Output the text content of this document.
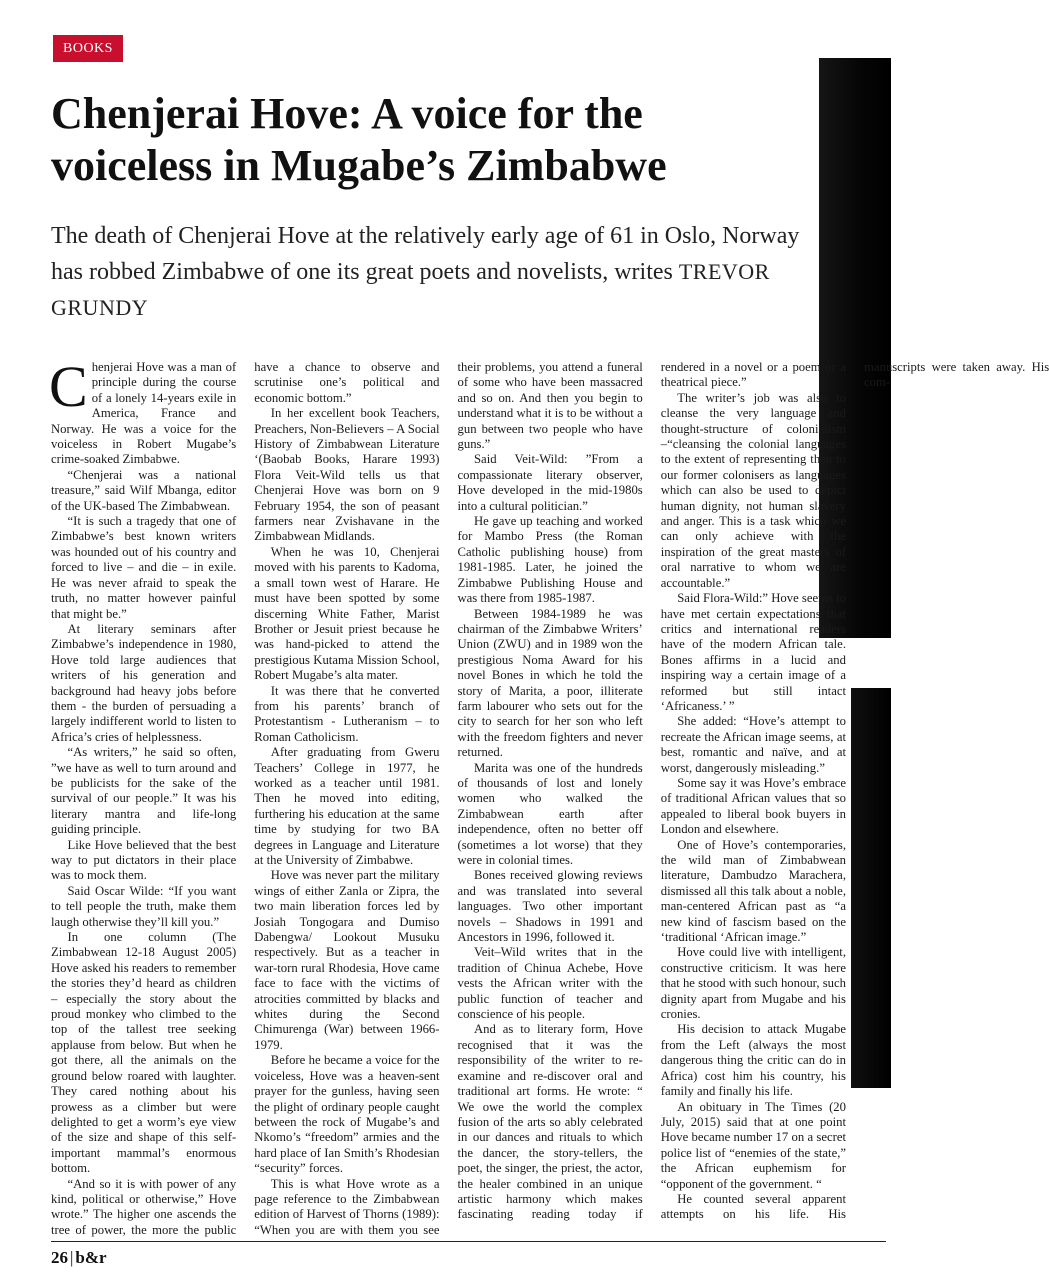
BOOKS
Chenjerai Hove: A voice for the voiceless in Mugabe’s Zimbabwe

The death of Chenjerai Hove at the relatively early age of 61 in Oslo, Norway has robbed Zimbabwe of one its great poets and novelists, writes TREVOR GRUNDY

Chenjerai Hove was a man of principle during the course of a lonely 14-years exile in America, France and Norway. He was a voice for the voiceless in Robert Mugabe’s crime-soaked Zimbabwe.

“Chenjerai was a national treasure,” said Wilf Mbanga, editor of the UK-based The Zimbabwean.

“It is such a tragedy that one of Zimbabwe’s best known writers was hounded out of his country and forced to live – and die – in exile. He was never afraid to speak the truth, no matter however painful that might be.”

At literary seminars after Zimbabwe’s independence in 1980, Hove told large audiences that writers of his generation and background had heavy jobs before them - the burden of persuading a largely indifferent world to listen to Africa’s cries of helplessness.

“As writers,” he said so often, ”we have as well to turn around and be publicists for the sake of the survival of our people.” It was his literary mantra and life-long guiding principle.

Like Hove believed that the best way to put dictators in their place was to mock them.

Said Oscar Wilde: “If you want to tell people the truth, make them laugh otherwise they’ll kill you.”

In one column (The Zimbabwean 12-18 August 2005) Hove asked his readers to remember the stories they’d heard as children – especially the story about the proud monkey who climbed to the top of the tallest tree seeking applause from below. But when he got there, all the animals on the ground below roared with laughter. They cared nothing about his prowess as a climber but were delighted to get a worm’s eye view of the size and shape of this self-important mammal’s enormous bottom.

“And so it is with power of any kind, political or otherwise,” Hove wrote.” The higher one ascends the tree of power, the more the public have a chance to observe and scrutinise one’s political and economic bottom.”

In her excellent book Teachers, Preachers, Non-Believers – A Social History of Zimbabwean Literature ‘(Baobab Books, Harare 1993) Flora Veit-Wild tells us that Chenjerai Hove was born on 9 February 1954, the son of peasant farmers near Zvishavane in the Zimbabwean Midlands.

When he was 10, Chenjerai moved with his parents to Kadoma, a small town west of Harare. He must have been spotted by some discerning White Father, Marist Brother or Jesuit priest because he was hand-picked to attend the prestigious Kutama Mission School, Robert Mugabe’s alta mater.

It was there that he converted from his parents’ branch of Protestantism - Lutheranism – to Roman Catholicism.

After graduating from Gweru Teachers’ College in 1977, he worked as a teacher until 1981. Then he moved into editing, furthering his education at the same time by studying for two BA degrees in Language and Literature at the University of Zimbabwe.

Hove was never part the military wings of either Zanla or Zipra, the two main liberation forces led by Josiah Tongogara and Dumiso Dabengwa/ Lookout Musuku respectively. But as a teacher in war-torn rural Rhodesia, Hove came face to face with the victims of atrocities committed by blacks and whites during the Second Chimurenga (War) between 1966-1979.

Before he became a voice for the voiceless, Hove was a heaven-sent prayer for the gunless, having seen the plight of ordinary people caught between the rock of Mugabe’s and Nkomo’s “freedom” armies and the hard place of Ian Smith’s Rhodesian “security” forces.

This is what Hove wrote as a page reference to the Zimbabwean edition of Harvest of Thorns (1989): “When you are with them you see their problems, you attend a funeral of some who have been massacred and so on. And then you begin to understand what it is to be without a gun between two people who have guns.”

Said Veit-Wild: ”From a compassionate literary observer, Hove developed in the mid-1980s into a cultural politician.”

He gave up teaching and worked for Mambo Press (the Roman Catholic publishing house) from 1981-1985. Later, he joined the Zimbabwe Publishing House and was there from 1985-1987.

Between 1984-1989 he was chairman of the Zimbabwe Writers’ Union (ZWU) and in 1989 won the prestigious Noma Award for his novel Bones in which he told the story of Marita, a poor, illiterate farm labourer who sets out for the city to search for her son who left with the freedom fighters and never returned.

Marita was one of the hundreds of thousands of lost and lonely women who walked the Zimbabwean earth after independence, often no better off (sometimes a lot worse) that they were in colonial times.

Bones received glowing reviews and was translated into several languages. Two other important novels – Shadows in 1991 and Ancestors in 1996, followed it.

Veit–Wild writes that in the tradition of Chinua Achebe, Hove vests the African writer with the public function of teacher and conscience of his people.

And as to literary form, Hove recognised that it was the responsibility of the writer to re-examine and re-discover oral and traditional art forms. He wrote: “ We owe the world the complex fusion of the arts so ably celebrated in our dances and rituals to which the dancer, the story-tellers, the poet, the singer, the priest, the actor, the healer combined in an unique artistic harmony which makes fascinating reading today if rendered in a novel or a poem or a theatrical piece.”

The writer’s job was also to cleanse the very language and thought-structure of colonialism –“cleansing the colonial languages to the extent of representing then to our former colonisers as languages which can also be used to depict human dignity, not human slavery and anger. This is a task which we can only achieve with the inspiration of the great masters of oral narrative to whom we are accountable.”

Said Flora-Wild:” Hove seems to have met certain expectations that critics and international readers have of the modern African tale. Bones affirms in a lucid and inspiring way a certain image of a reformed but still intact ‘Africaness.’ ”

She added: “Hove’s attempt to recreate the African image seems, at best, romantic and naïve, and at worst, dangerously misleading.”

Some say it was Hove’s embrace of traditional African values that so appealed to liberal book buyers in London and elsewhere.

One of Hove’s contemporaries, the wild man of Zimbabwean literature, Dambudzo Marachera, dismissed all this talk about a noble, man-centered African past as “a new kind of fascism based on the ‘traditional ‘African image.”

Hove could live with intelligent, constructive criticism. It was here that he stood with such honour, such dignity apart from Mugabe and his cronies.

His decision to attack Mugabe from the Left (always the most dangerous thing the critic can do in Africa) cost him his country, his family and finally his life.

An obituary in The Times (20 July, 2015) said that at one point Hove became number 17 on a secret police list of “enemies of the state,” the African euphemism for “opponent of the government. “

He counted several apparent attempts on his life. His manuscripts were taken away. His com-

26 | b&r
